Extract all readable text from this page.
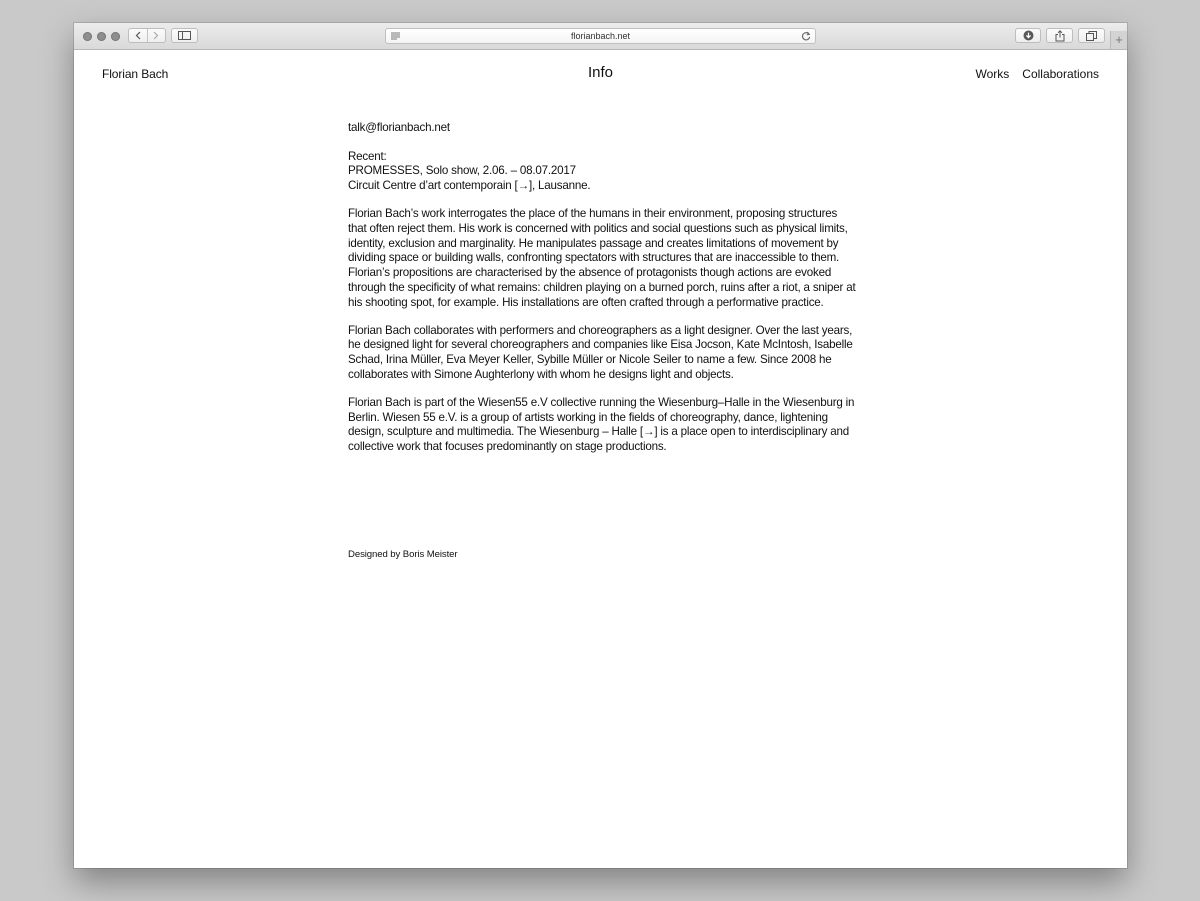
florianbach.net	+
Florian Bach	Info	Works Collaborations

talk@florianbach.net

Recent:
PROMESSES, Solo show, 2.06. – 08.07.2017
Circuit Centre d’art contemporain [→], Lausanne.

Florian Bach’s work interrogates the place of the humans in their environment, proposing structures that often reject them. His work is concerned with politics and social questions such as physical limits, identity, exclusion and marginality. He manipulates passage and creates limitations of movement by dividing space or building walls, confronting spectators with structures that are inaccessible to them. Florian’s propositions are characterised by the absence of protagonists though actions are evoked through the specificity of what remains: children playing on a burned porch, ruins after a riot, a sniper at his shooting spot, for example. His installations are often crafted through a performative practice.

Florian Bach collaborates with performers and choreographers as a light designer. Over the last years, he designed light for several choreographers and companies like Eisa Jocson, Kate McIntosh, Isabelle Schad, Irina Müller, Eva Meyer Keller, Sybille Müller or Nicole Seiler to name a few. Since 2008 he collaborates with Simone Aughterlony with whom he designs light and objects.

Florian Bach is part of the Wiesen55 e.V collective running the Wiesenburg–Halle in the Wiesenburg in Berlin. Wiesen 55 e.V. is a group of artists working in the fields of choreography, dance, lightening design, sculpture and multimedia. The Wiesenburg – Halle [→] is a place open to interdisciplinary and collective work that focuses predominantly on stage productions.

Designed by Boris Meister
